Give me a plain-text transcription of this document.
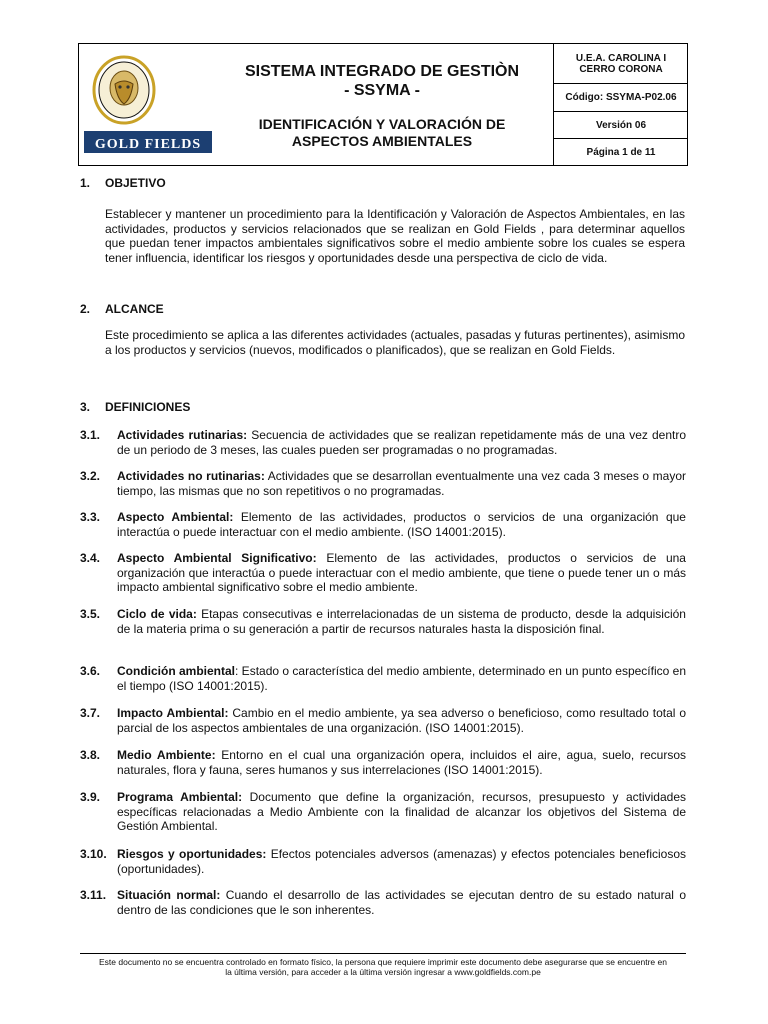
GOLD FIELDS
SISTEMA INTEGRADO DE GESTIÒN
- SSYMA -
IDENTIFICACIÓN Y VALORACIÓN DE
ASPECTOS AMBIENTALES
U.E.A. CAROLINA I
CERRO CORONA
Código: SSYMA-P02.06
Versión 06
Página 1 de 11
1. OBJETIVO
Establecer y mantener un procedimiento para la Identificación y Valoración de Aspectos Ambientales, en las actividades, productos y servicios relacionados que se realizan en Gold Fields , para determinar aquellos que puedan tener impactos ambientales significativos sobre el medio ambiente sobre los cuales se espera tener influencia, identificar los riesgos y oportunidades desde una perspectiva de ciclo de vida.
2. ALCANCE
Este procedimiento se aplica a las diferentes actividades (actuales, pasadas y futuras pertinentes), asimismo a los productos y servicios (nuevos, modificados o planificados), que se realizan en Gold Fields.
3. DEFINICIONES
3.1. Actividades rutinarias: Secuencia de actividades que se realizan repetidamente más de una vez dentro de un periodo de 3 meses, las cuales pueden ser programadas o no programadas.
3.2. Actividades no rutinarias: Actividades que se desarrollan eventualmente una vez cada 3 meses o mayor tiempo, las mismas que no son repetitivos o no programadas.
3.3. Aspecto Ambiental: Elemento de las actividades, productos o servicios de una organización que interactúa o puede interactuar con el medio ambiente. (ISO 14001:2015).
3.4. Aspecto Ambiental Significativo: Elemento de las actividades, productos o servicios de una organización que interactúa o puede interactuar con el medio ambiente, que tiene o puede tener un o más impacto ambiental significativo sobre el medio ambiente.
3.5. Ciclo de vida: Etapas consecutivas e interrelacionadas de un sistema de producto, desde la adquisición de la materia prima o su generación a partir de recursos naturales hasta la disposición final.
3.6. Condición ambiental: Estado o característica del medio ambiente, determinado en un punto específico en el tiempo (ISO 14001:2015).
3.7. Impacto Ambiental: Cambio en el medio ambiente, ya sea adverso o beneficioso, como resultado total o parcial de los aspectos ambientales de una organización. (ISO 14001:2015).
3.8. Medio Ambiente: Entorno en el cual una organización opera, incluidos el aire, agua, suelo, recursos naturales, flora y fauna, seres humanos y sus interrelaciones (ISO 14001:2015).
3.9. Programa Ambiental: Documento que define la organización, recursos, presupuesto y actividades específicas relacionadas a Medio Ambiente con la finalidad de alcanzar los objetivos del Sistema de Gestión Ambiental.
3.10. Riesgos y oportunidades: Efectos potenciales adversos (amenazas) y efectos potenciales beneficiosos (oportunidades).
3.11. Situación normal: Cuando el desarrollo de las actividades se ejecutan dentro de su estado natural o dentro de las condiciones que le son inherentes.
Este documento no se encuentra controlado en formato físico, la persona que requiere imprimir este documento debe asegurarse que se encuentre en
la última versión, para acceder a la última versión ingresar a www.goldfields.com.pe
